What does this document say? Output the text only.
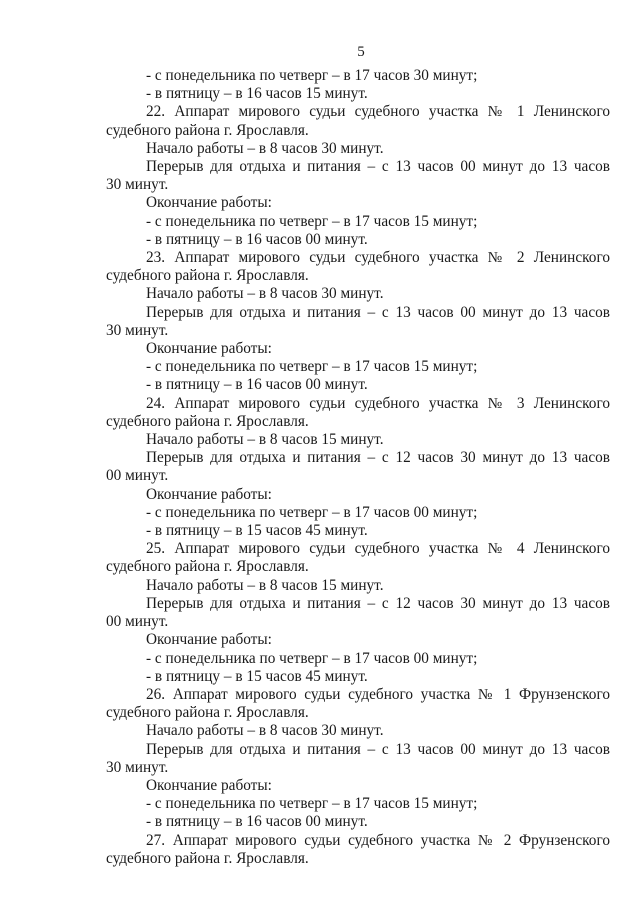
5
- с понедельника по четверг – в 17 часов 30 минут;
- в пятницу – в 16 часов 15 минут.
22. Аппарат мирового судьи судебного участка № 1 Ленинского
судебного района г. Ярославля.
Начало работы – в 8 часов 30 минут.
Перерыв для отдыха и питания – с 13 часов 00 минут до 13 часов
30 минут.
Окончание работы:
- с понедельника по четверг – в 17 часов 15 минут;
- в пятницу – в 16 часов 00 минут.
23. Аппарат мирового судьи судебного участка № 2 Ленинского
судебного района г. Ярославля.
Начало работы – в 8 часов 30 минут.
Перерыв для отдыха и питания – с 13 часов 00 минут до 13 часов
30 минут.
Окончание работы:
- с понедельника по четверг – в 17 часов 15 минут;
- в пятницу – в 16 часов 00 минут.
24. Аппарат мирового судьи судебного участка № 3 Ленинского
судебного района г. Ярославля.
Начало работы – в 8 часов 15 минут.
Перерыв для отдыха и питания – с 12 часов 30 минут до 13 часов
00 минут.
Окончание работы:
- с понедельника по четверг – в 17 часов 00 минут;
- в пятницу – в 15 часов 45 минут.
25. Аппарат мирового судьи судебного участка № 4 Ленинского
судебного района г. Ярославля.
Начало работы – в 8 часов 15 минут.
Перерыв для отдыха и питания – с 12 часов 30 минут до 13 часов
00 минут.
Окончание работы:
- с понедельника по четверг – в 17 часов 00 минут;
- в пятницу – в 15 часов 45 минут.
26. Аппарат мирового судьи судебного участка № 1 Фрунзенского
судебного района г. Ярославля.
Начало работы – в 8 часов 30 минут.
Перерыв для отдыха и питания – с 13 часов 00 минут до 13 часов
30 минут.
Окончание работы:
- с понедельника по четверг – в 17 часов 15 минут;
- в пятницу – в 16 часов 00 минут.
27. Аппарат мирового судьи судебного участка № 2 Фрунзенского
судебного района г. Ярославля.
